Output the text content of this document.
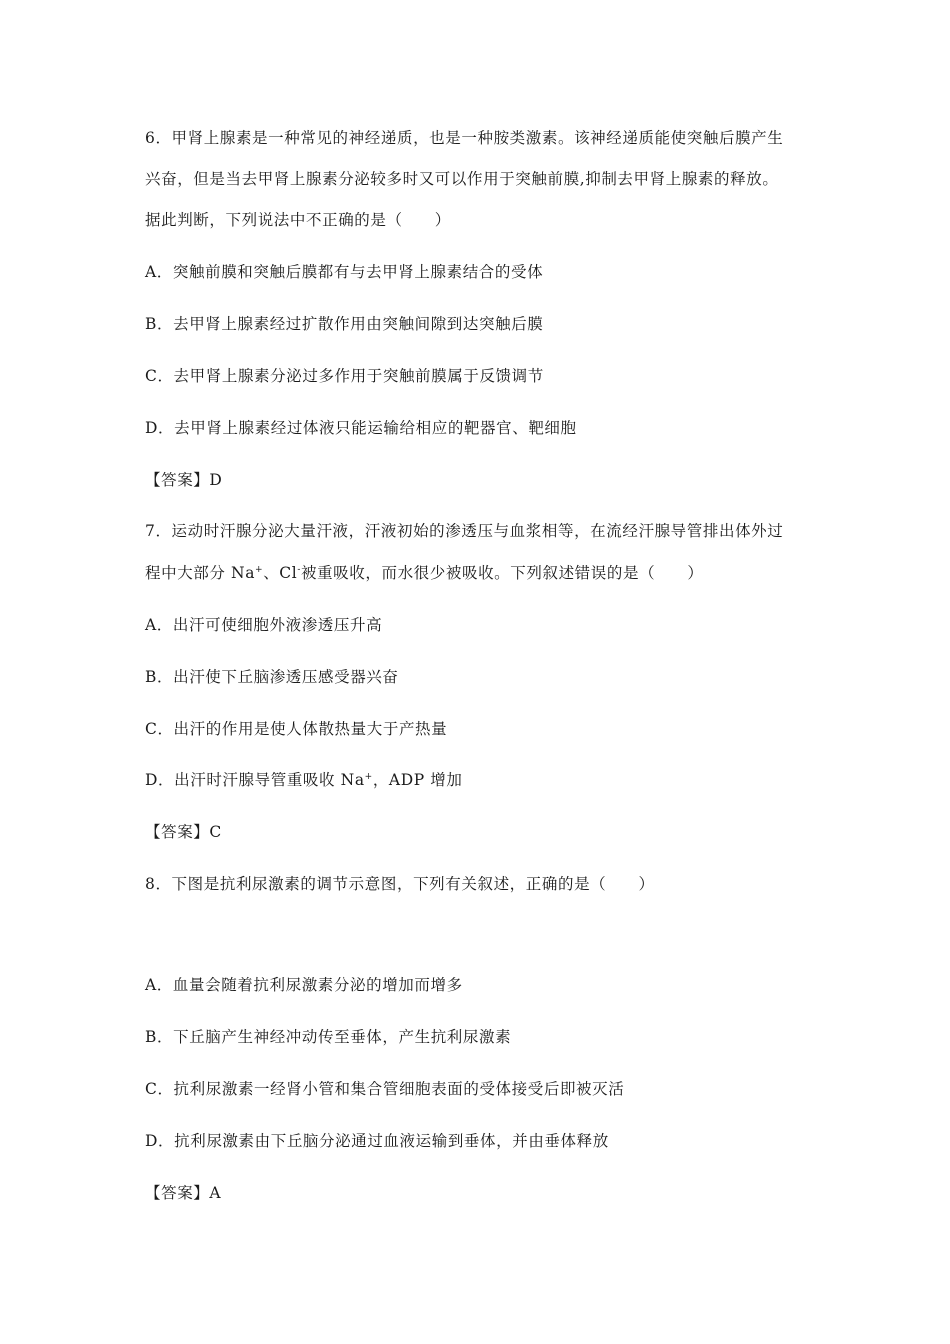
6．甲肾上腺素是一种常见的神经递质，也是一种胺类激素。该神经递质能使突触后膜产生
兴奋，但是当去甲肾上腺素分泌较多时又可以作用于突触前膜,抑制去甲肾上腺素的释放。
据此判断，下列说法中不正确的是（　　）
A．突触前膜和突触后膜都有与去甲肾上腺素结合的受体
B．去甲肾上腺素经过扩散作用由突触间隙到达突触后膜
C．去甲肾上腺素分泌过多作用于突触前膜属于反馈调节
D．去甲肾上腺素经过体液只能运输给相应的靶器官、靶细胞
【答案】D
7．运动时汗腺分泌大量汗液，汗液初始的渗透压与血浆相等，在流经汗腺导管排出体外过
程中大部分 Na+、Cl-被重吸收，而水很少被吸收。下列叙述错误的是（　　）
A．出汗可使细胞外液渗透压升高
B．出汗使下丘脑渗透压感受器兴奋
C．出汗的作用是使人体散热量大于产热量
D．出汗时汗腺导管重吸收 Na+，ADP 增加
【答案】C
8．下图是抗利尿激素的调节示意图，下列有关叙述，正确的是（　　）
A．血量会随着抗利尿激素分泌的增加而增多
B．下丘脑产生神经冲动传至垂体，产生抗利尿激素
C．抗利尿激素一经肾小管和集合管细胞表面的受体接受后即被灭活
D．抗利尿激素由下丘脑分泌通过血液运输到垂体，并由垂体释放
【答案】A
